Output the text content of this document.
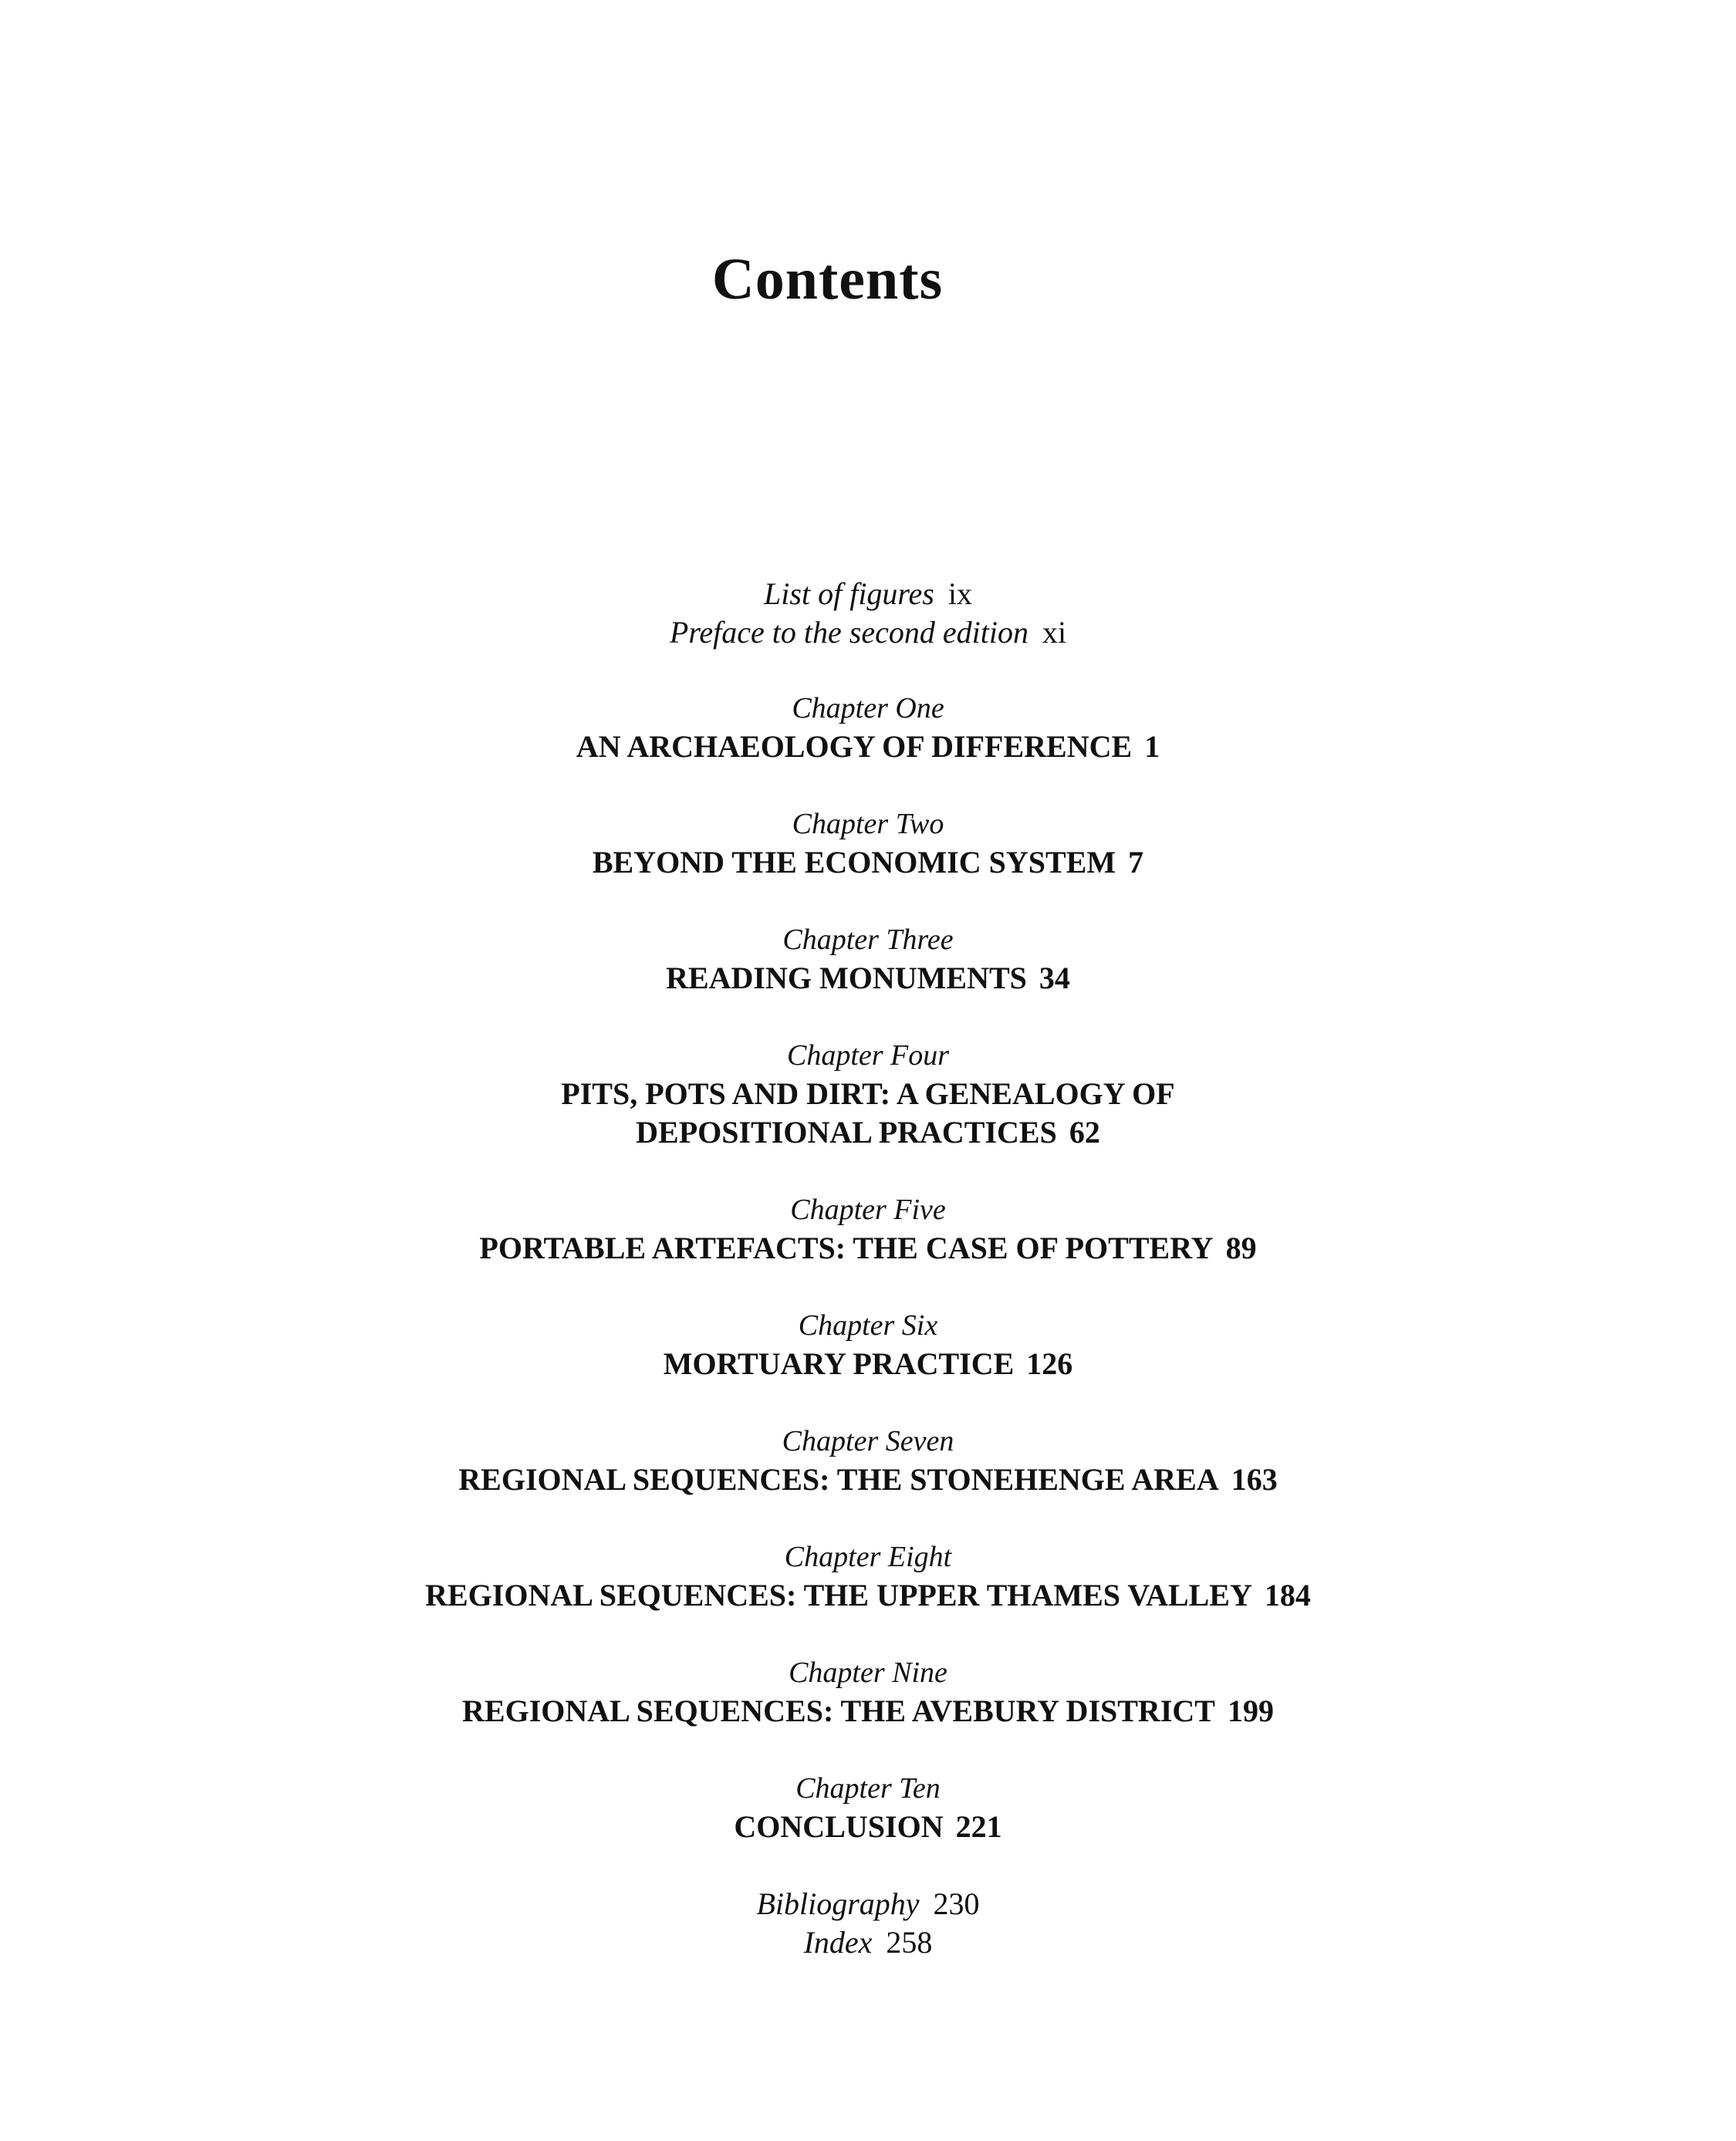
Contents
List of figures ix
Preface to the second edition xi
Chapter One
AN ARCHAEOLOGY OF DIFFERENCE 1
Chapter Two
BEYOND THE ECONOMIC SYSTEM 7
Chapter Three
READING MONUMENTS 34
Chapter Four
PITS, POTS AND DIRT: A GENEALOGY OF
DEPOSITIONAL PRACTICES 62
Chapter Five
PORTABLE ARTEFACTS: THE CASE OF POTTERY 89
Chapter Six
MORTUARY PRACTICE 126
Chapter Seven
REGIONAL SEQUENCES: THE STONEHENGE AREA 163
Chapter Eight
REGIONAL SEQUENCES: THE UPPER THAMES VALLEY 184
Chapter Nine
REGIONAL SEQUENCES: THE AVEBURY DISTRICT 199
Chapter Ten
CONCLUSION 221
Bibliography 230
Index 258
